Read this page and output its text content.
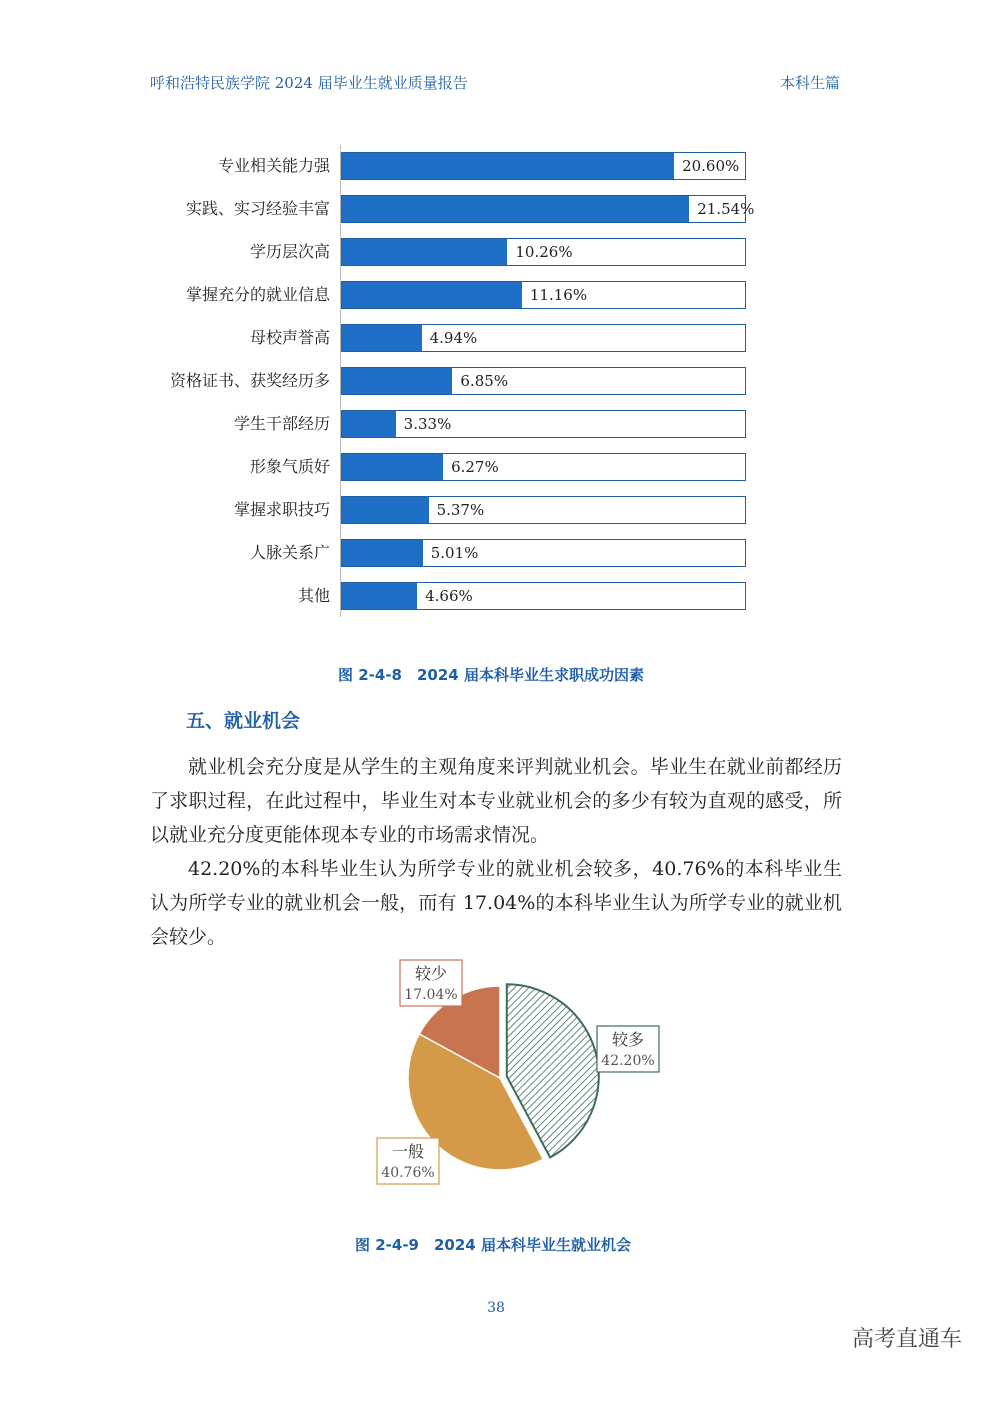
呼和浩特民族学院 2024 届毕业生就业质量报告	本科生篇
专业相关能力强	20.60%
实践、实习经验丰富	21.54%
学历层次高	10.26%
掌握充分的就业信息	11.16%
母校声誉高	4.94%
资格证书、获奖经历多	6.85%
学生干部经历	3.33%
形象气质好	6.27%
掌握求职技巧	5.37%
人脉关系广	5.01%
其他	4.66%
图 2-4-8　2024 届本科毕业生求职成功因素
五、就业机会

就业机会充分度是从学生的主观角度来评判就业机会。毕业生在就业前都经历了求职过程，在此过程中，毕业生对本专业就业机会的多少有较为直观的感受，所以就业充分度更能体现本专业的市场需求情况。

42.20%的本科毕业生认为所学专业的就业机会较多，40.76%的本科毕业生认为所学专业的就业机会一般，而有 17.04%的本科毕业生认为所学专业的就业机会较少。

较多
42.20%
一般
40.76%
较少
17.04%
图 2-4-9　2024 届本科毕业生就业机会
38
高考直通车
